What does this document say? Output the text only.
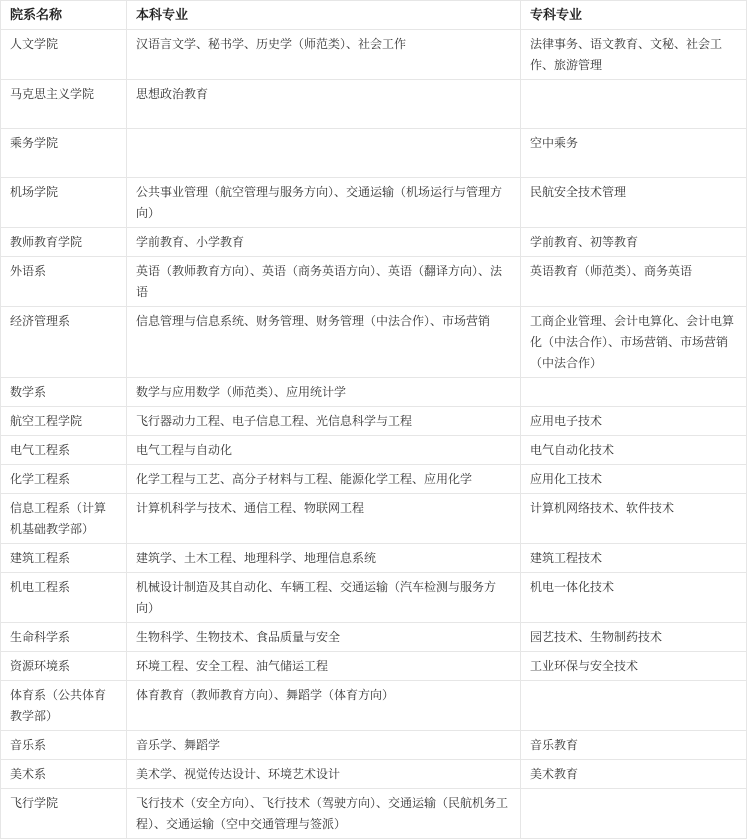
院系名称	本科专业	专科专业
人文学院	汉语言文学、秘书学、历史学（师范类）、社会工作	法律事务、语文教育、文秘、社会工作、旅游管理
马克思主义学院	思想政治教育	
乘务学院		空中乘务
机场学院	公共事业管理（航空管理与服务方向）、交通运输（机场运行与管理方向）	民航安全技术管理
教师教育学院	学前教育、小学教育	学前教育、初等教育
外语系	英语（教师教育方向）、英语（商务英语方向）、英语（翻译方向）、法语	英语教育（师范类）、商务英语
经济管理系	信息管理与信息系统、财务管理、财务管理（中法合作）、市场营销	工商企业管理、会计电算化、会计电算化（中法合作）、市场营销、市场营销（中法合作）
数学系	数学与应用数学（师范类）、应用统计学	
航空工程学院	飞行器动力工程、电子信息工程、光信息科学与工程	应用电子技术
电气工程系	电气工程与自动化	电气自动化技术
化学工程系	化学工程与工艺、高分子材料与工程、能源化学工程、应用化学	应用化工技术
信息工程系（计算机基础教学部）	计算机科学与技术、通信工程、物联网工程	计算机网络技术、软件技术
建筑工程系	建筑学、土木工程、地理科学、地理信息系统	建筑工程技术
机电工程系	机械设计制造及其自动化、车辆工程、交通运输（汽车检测与服务方向）	机电一体化技术
生命科学系	生物科学、生物技术、食品质量与安全	园艺技术、生物制药技术
资源环境系	环境工程、安全工程、油气储运工程	工业环保与安全技术
体育系（公共体育教学部）	体育教育（教师教育方向）、舞蹈学（体育方向）	
音乐系	音乐学、舞蹈学	音乐教育
美术系	美术学、视觉传达设计、环境艺术设计	美术教育
飞行学院	飞行技术（安全方向）、飞行技术（驾驶方向）、交通运输（民航机务工程）、交通运输（空中交通管理与签派）	
